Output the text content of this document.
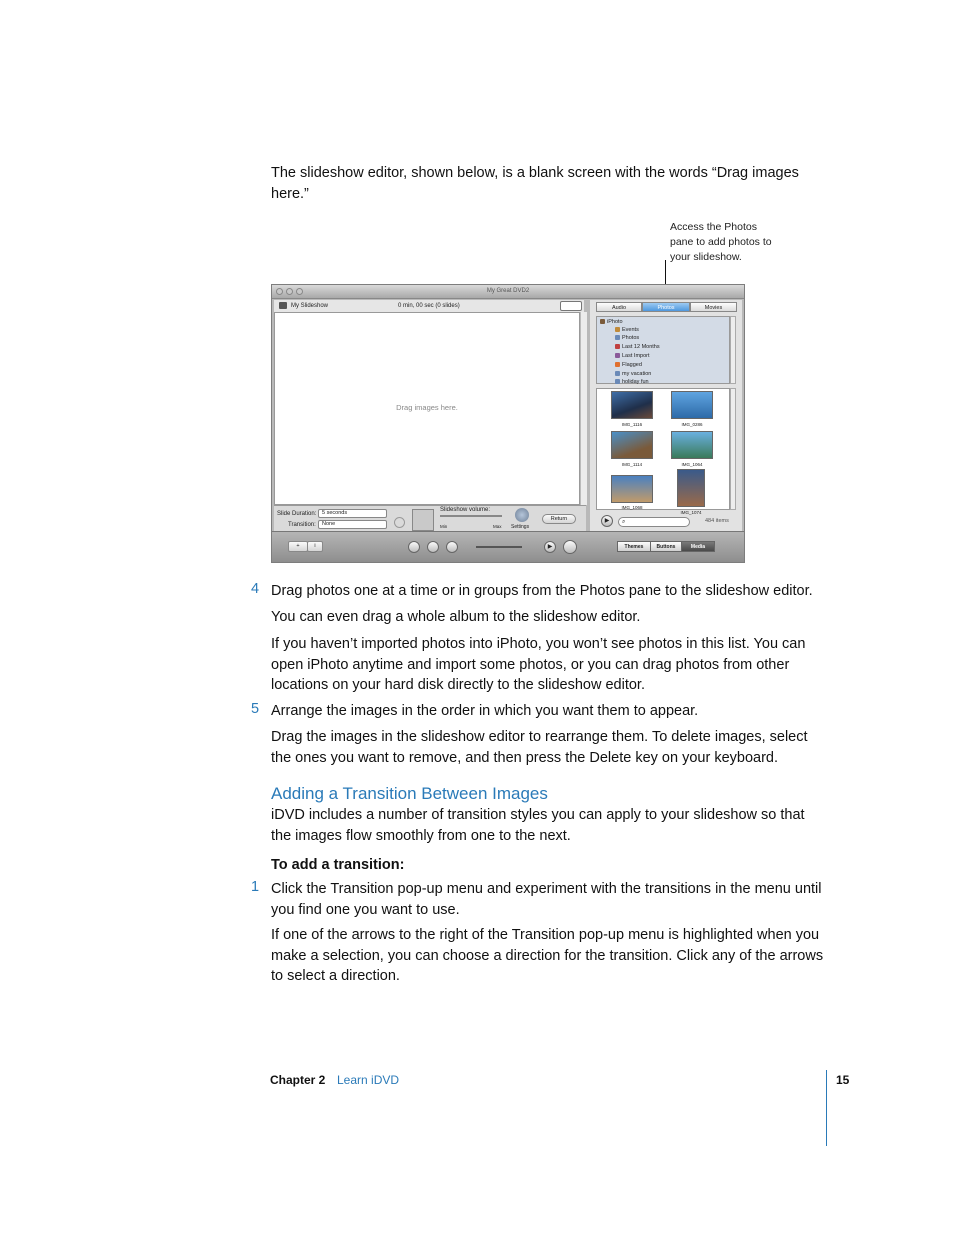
The slideshow editor, shown below, is a blank screen with the words “Drag images here.”

Access the Photos pane to add photos to your slideshow.
My Great DVD2
My Slideshow	0 min, 00 sec (0 slides)
Drag images here.
Slide Duration:	5 seconds
Transition:	None
Slideshow volume:
Min	Max Settings
Return
Audio	Photos	Movies
iPhoto
Events
Photos
Last 12 Months
Last Import
Flagged
my vacation
holiday fun
IMG_1116	IMG_0286
IMG_1114	IMG_1064
IMG_1068
IMG_1074
▶	⌕	484 items
+	i	▶	Themes	Buttons	Media
4 Drag photos one at a time or in groups from the Photos pane to the slideshow editor.

You can even drag a whole album to the slideshow editor.

If you haven’t imported photos into iPhoto, you won’t see photos in this list. You can open iPhoto anytime and import some photos, or you can drag photos from other locations on your hard disk directly to the slideshow editor.

5 Arrange the images in the order in which you want them to appear.

Drag the images in the slideshow editor to rearrange them. To delete images, select the ones you want to remove, and then press the Delete key on your keyboard.

Adding a Transition Between Images

iDVD includes a number of transition styles you can apply to your slideshow so that the images flow smoothly from one to the next.

To add a transition:
1 Click the Transition pop-up menu and experiment with the transitions in the menu until you find one you want to use.

If one of the arrows to the right of the Transition pop-up menu is highlighted when you make a selection, you can choose a direction for the transition. Click any of the arrows to select a direction.

Chapter 2 Learn iDVD	15
